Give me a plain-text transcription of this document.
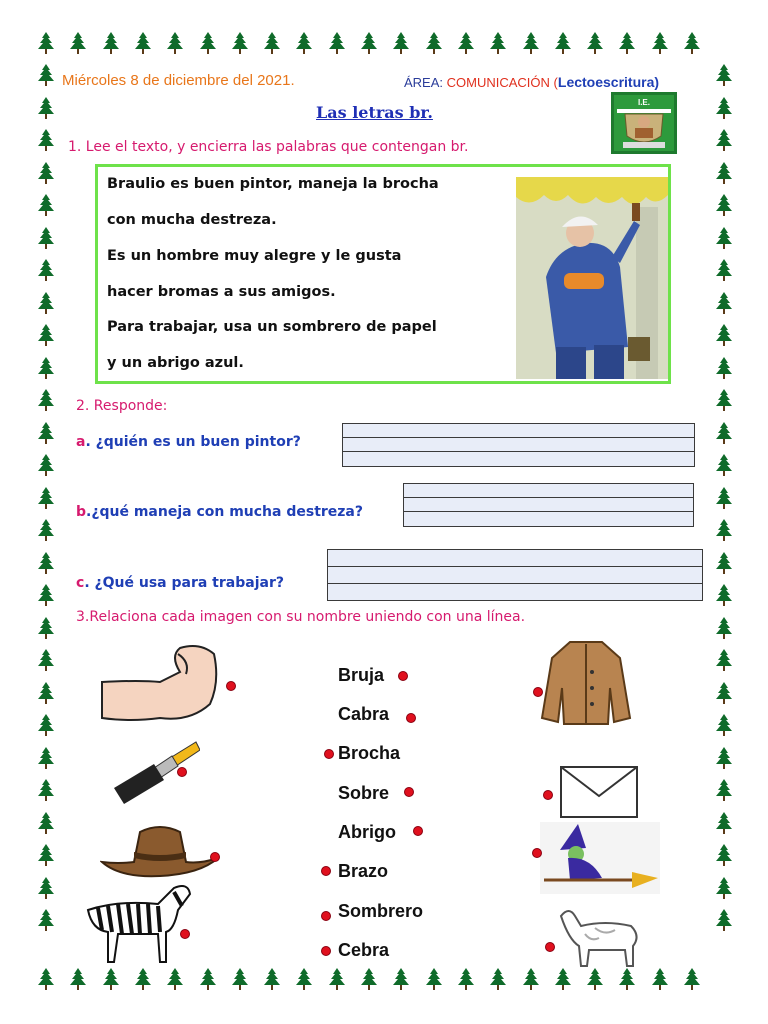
Miércoles 8 de diciembre del 2021.	ÁREA: COMUNICACIÓN (Lectoescritura)
Las letras br.
I.E.
1. Lee el texto, y encierra las palabras que contengan br.
Braulio es buen pintor, maneja la brocha
con mucha destreza.
Es un hombre muy alegre y le gusta
hacer bromas a sus amigos.
Para trabajar, usa un sombrero de papel
y un abrigo azul.
2. Responde:
a. ¿quién es un buen pintor?
b.¿qué maneja con mucha destreza?
c. ¿Qué usa para trabajar?
3.Relaciona cada imagen con su nombre uniendo con una línea.
Bruja
Cabra
Brocha
Sobre
Abrigo
Brazo
Sombrero
Cebra
